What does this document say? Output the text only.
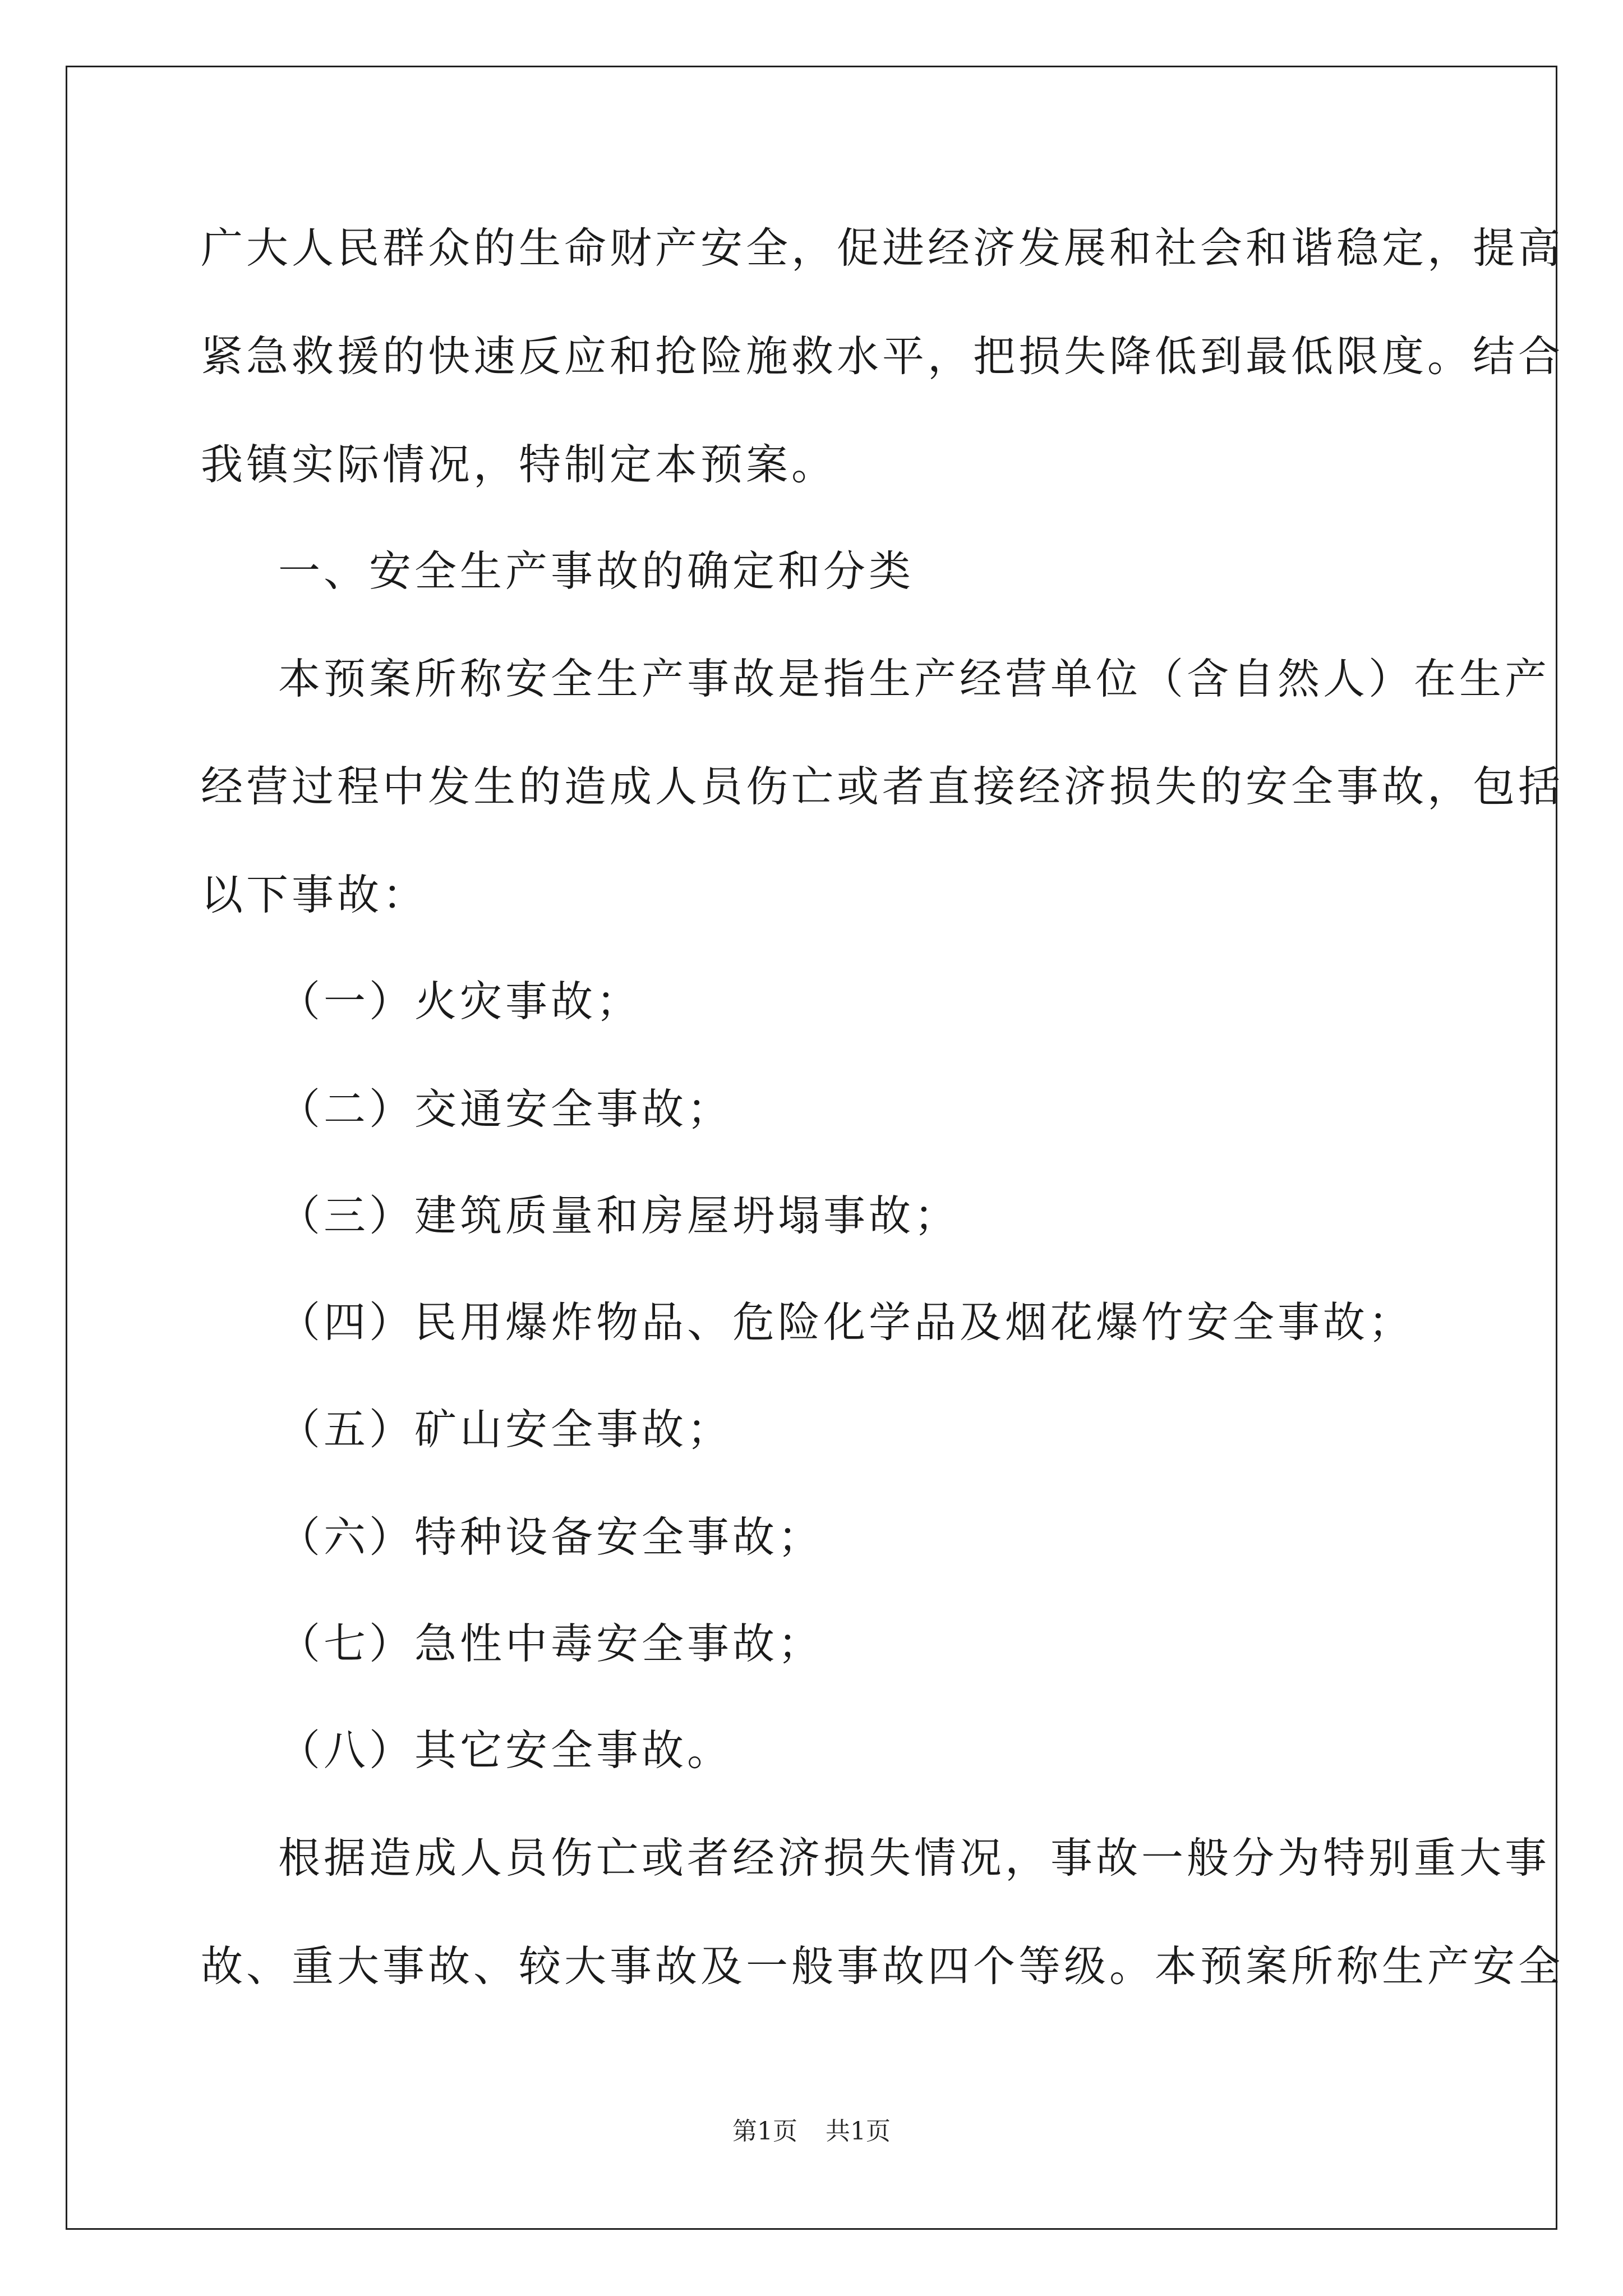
广大人民群众的生命财产安全，促进经济发展和社会和谐稳定，提高
紧急救援的快速反应和抢险施救水平，把损失降低到最低限度。结合
我镇实际情况，特制定本预案。
一、安全生产事故的确定和分类
本预案所称安全生产事故是指生产经营单位（含自然人）在生产
经营过程中发生的造成人员伤亡或者直接经济损失的安全事故，包括
以下事故：
（一）火灾事故；
（二）交通安全事故；
（三）建筑质量和房屋坍塌事故；
（四）民用爆炸物品、危险化学品及烟花爆竹安全事故；
（五）矿山安全事故；
（六）特种设备安全事故；
（七）急性中毒安全事故；
（八）其它安全事故。
根据造成人员伤亡或者经济损失情况，事故一般分为特别重大事
故、重大事故、较大事故及一般事故四个等级。本预案所称生产安全
第1页 共1页
